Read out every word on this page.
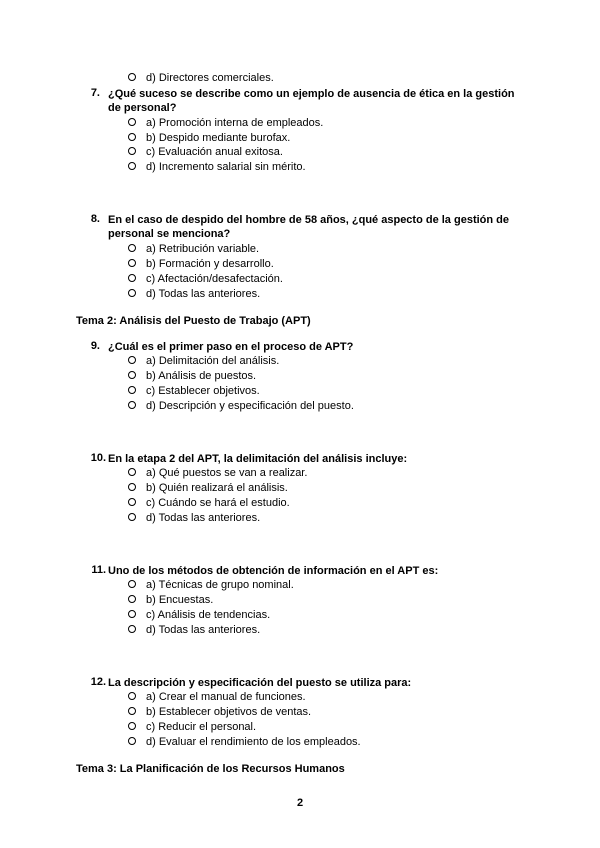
d) Directores comerciales.
7. ¿Qué suceso se describe como un ejemplo de ausencia de ética en la gestión de personal?
a) Promoción interna de empleados.
b) Despido mediante burofax.
c) Evaluación anual exitosa.
d) Incremento salarial sin mérito.
8. En el caso de despido del hombre de 58 años, ¿qué aspecto de la gestión de personal se menciona?
a) Retribución variable.
b) Formación y desarrollo.
c) Afectación/desafectación.
d) Todas las anteriores.
Tema 2: Análisis del Puesto de Trabajo (APT)
9. ¿Cuál es el primer paso en el proceso de APT?
a) Delimitación del análisis.
b) Análisis de puestos.
c) Establecer objetivos.
d) Descripción y especificación del puesto.
10. En la etapa 2 del APT, la delimitación del análisis incluye:
a) Qué puestos se van a realizar.
b) Quién realizará el análisis.
c) Cuándo se hará el estudio.
d) Todas las anteriores.
11. Uno de los métodos de obtención de información en el APT es:
a) Técnicas de grupo nominal.
b) Encuestas.
c) Análisis de tendencias.
d) Todas las anteriores.
12. La descripción y especificación del puesto se utiliza para:
a) Crear el manual de funciones.
b) Establecer objetivos de ventas.
c) Reducir el personal.
d) Evaluar el rendimiento de los empleados.
Tema 3: La Planificación de los Recursos Humanos
2
